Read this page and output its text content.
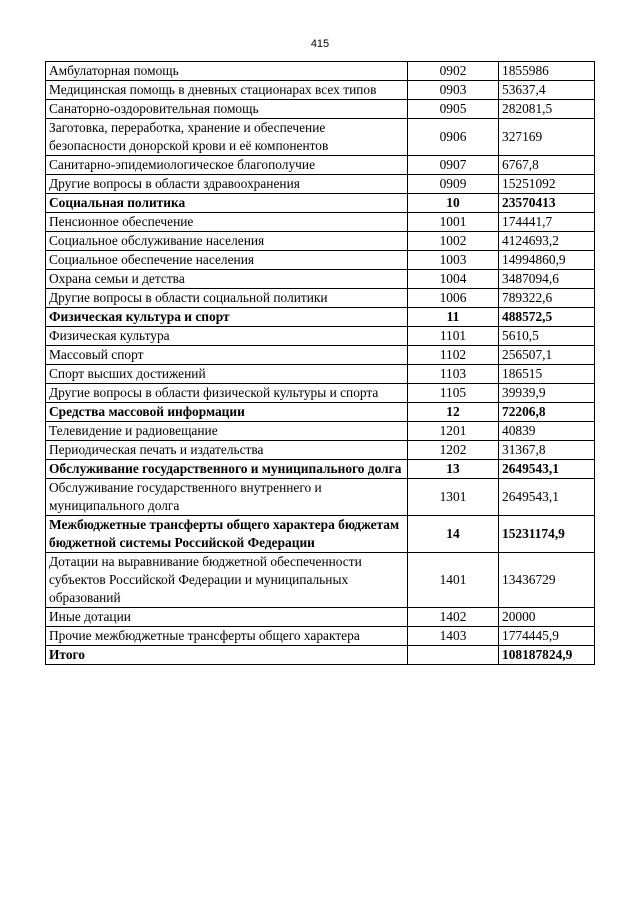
415
Амбулаторная помощь	0902	1855986
Медицинская помощь в дневных стационарах всех типов	0903	53637,4
Санаторно-оздоровительная помощь	0905	282081,5
Заготовка, переработка, хранение и обеспечение безопасности донорской крови и её компонентов	0906	327169
Санитарно-эпидемиологическое благополучие	0907	6767,8
Другие вопросы в области здравоохранения	0909	15251092
Социальная политика	10	23570413
Пенсионное обеспечение	1001	174441,7
Социальное обслуживание населения	1002	4124693,2
Социальное обеспечение населения	1003	14994860,9
Охрана семьи и детства	1004	3487094,6
Другие вопросы в области социальной политики	1006	789322,6
Физическая культура и спорт	11	488572,5
Физическая культура	1101	5610,5
Массовый спорт	1102	256507,1
Спорт высших достижений	1103	186515
Другие вопросы в области физической культуры и спорта	1105	39939,9
Средства массовой информации	12	72206,8
Телевидение и радиовещание	1201	40839
Периодическая печать и издательства	1202	31367,8
Обслуживание государственного и муниципального долга	13	2649543,1
Обслуживание государственного внутреннего и муниципального долга	1301	2649543,1
Межбюджетные трансферты общего характера бюджетам бюджетной системы Российской Федерации	14	15231174,9
Дотации на выравнивание бюджетной обеспеченности субъектов Российской Федерации и муниципальных образований	1401	13436729
Иные дотации	1402	20000
Прочие межбюджетные трансферты общего характера	1403	1774445,9
Итого		108187824,9
